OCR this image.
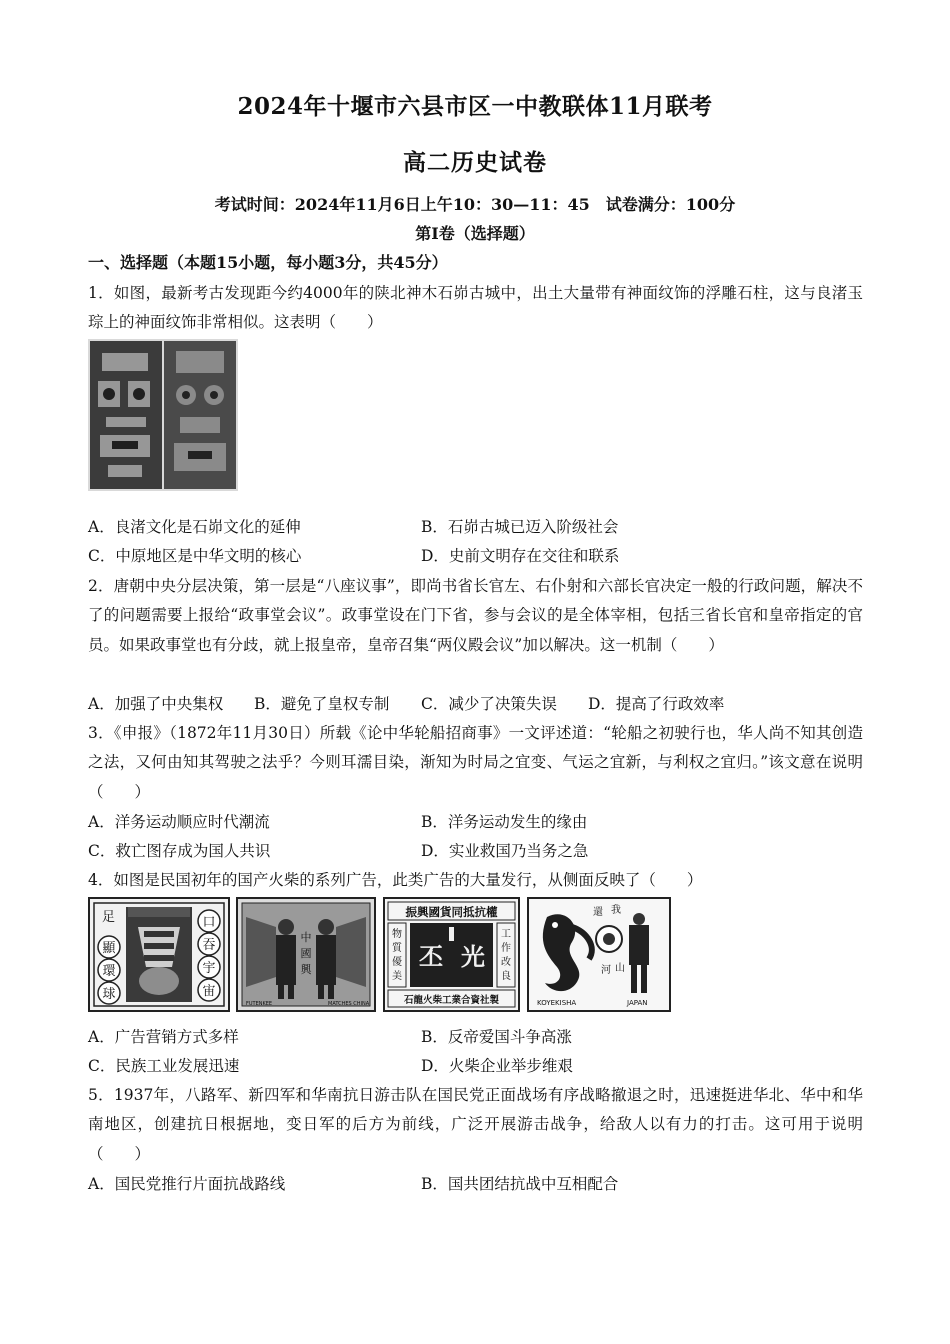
2024年十堰市六县市区一中教联体11月联考
高二历史试卷
考试时间：2024年11月6日上午10：30—11：45　试卷满分：100分
第Ⅰ卷（选择题）
一、选择题（本题15小题，每小题3分，共45分）
1．如图，最新考古发现距今约4000年的陕北神木石峁古城中，出土大量带有神面纹饰的浮雕石柱，这与良渚玉琮上的神面纹饰非常相似。这表明（　　）
A．良渚文化是石峁文化的延伸	B．石峁古城已迈入阶级社会
C．中原地区是中华文明的核心	D．史前文明存在交往和联系
2．唐朝中央分层决策，第一层是“八座议事”，即尚书省长官左、右仆射和六部长官决定一般的行政问题，解决不了的问题需要上报给“政事堂会议”。政事堂设在门下省，参与会议的是全体宰相，包括三省长官和皇帝指定的官员。如果政事堂也有分歧，就上报皇帝，皇帝召集“两仪殿会议”加以解决。这一机制（　　）
A．加强了中央集权 B．避免了皇权专制 C．减少了决策失误 D．提高了行政效率
3．《申报》（1872年11月30日）所载《论中华轮船招商事》一文评述道：“轮船之初驶行也，华人尚不知其创造之法，又何由知其驾驶之法乎？今则耳濡目染，渐知为时局之宜变、气运之宜新，与利权之宜归。”该文意在说明（　　）
A．洋务运动顺应时代潮流	B．洋务运动发生的缘由
C．救亡图存成为国人共识	D．实业救国乃当务之急
4．如图是民国初年的国产火柴的系列广告，此类广告的大量发行，从侧面反映了（　　）
足	口
吞
宇
宙
顯
環
球
中
國
興
FUTENKEE	MATCHES CHINA
振興國貨同抵抗權
物質優美
工作改良
丕 光
石龍火柴工業合資社製
還 我
河 山
KOYEKISHA	JAPAN
A．广告营销方式多样	B．反帝爱国斗争高涨
C．民族工业发展迅速	D．火柴企业举步维艰
5．1937年，八路军、新四军和华南抗日游击队在国民党正面战场有序战略撤退之时，迅速挺进华北、华中和华南地区，创建抗日根据地，变日军的后方为前线，广泛开展游击战争，给敌人以有力的打击。这可用于说明（　　）
A．国民党推行片面抗战路线	B．国共团结抗战中互相配合
